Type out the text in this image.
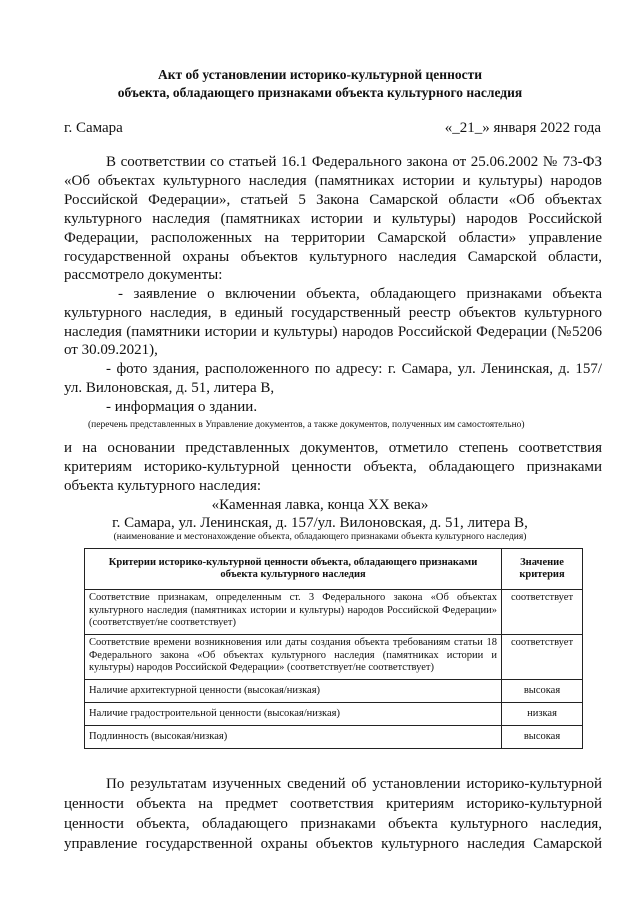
Акт об установлении историко-культурной ценности
объекта, обладающего признаками объекта культурного наследия
г. Самара	«_21_» января 2022 года
В соответствии со статьей 16.1 Федерального закона от 25.06.2002 № 73-ФЗ
«Об объектах культурного наследия (памятниках истории и культуры) народов
Российской Федерации», статьей 5 Закона Самарской области «Об объектах
культурного наследия (памятниках истории и культуры) народов Российской
Федерации, расположенных на территории Самарской области» управление
государственной охраны объектов культурного наследия Самарской области,
рассмотрело документы:
- заявление о включении объекта, обладающего признаками объекта
культурного наследия, в единый государственный реестр объектов культурного
наследия (памятники истории и культуры) народов Российской Федерации (№5206
от 30.09.2021),
- фото здания, расположенного по адресу: г. Самара, ул. Ленинская, д. 157/
ул. Вилоновская, д. 51, литера В,
- информация о здании.
(перечень представленных в Управление документов, а также документов, полученных им самостоятельно)
и на основании представленных документов, отметило степень соответствия
критериям историко-культурной ценности объекта, обладающего признаками
объекта культурного наследия:
«Каменная лавка, конца XX века»
г. Самара, ул. Ленинская, д. 157/ул. Вилоновская, д. 51, литера В,
(наименование и местонахождение объекта, обладающего признаками объекта культурного наследия)
Критерии историко-культурной ценности объекта, обладающего признаками объекта культурного наследия	Значение критерия
Соответствие признакам, определенным ст. 3 Федерального закона «Об объектах культурного наследия (памятниках истории и культуры) народов Российской Федерации» (соответствует/не соответствует)	соответствует
Соответствие времени возникновения или даты создания объекта требованиям статьи 18 Федерального закона «Об объектах культурного наследия (памятниках истории и культуры) народов Российской Федерации» (соответствует/не соответствует)	соответствует
Наличие архитектурной ценности (высокая/низкая)	высокая
Наличие градостроительной ценности (высокая/низкая)	низкая
Подлинность (высокая/низкая)	высокая
По результатам изученных сведений об установлении историко-культурной
ценности объекта на предмет соответствия критериям историко-культурной
ценности объекта, обладающего признаками объекта культурного наследия,
управление государственной охраны объектов культурного наследия Самарской
